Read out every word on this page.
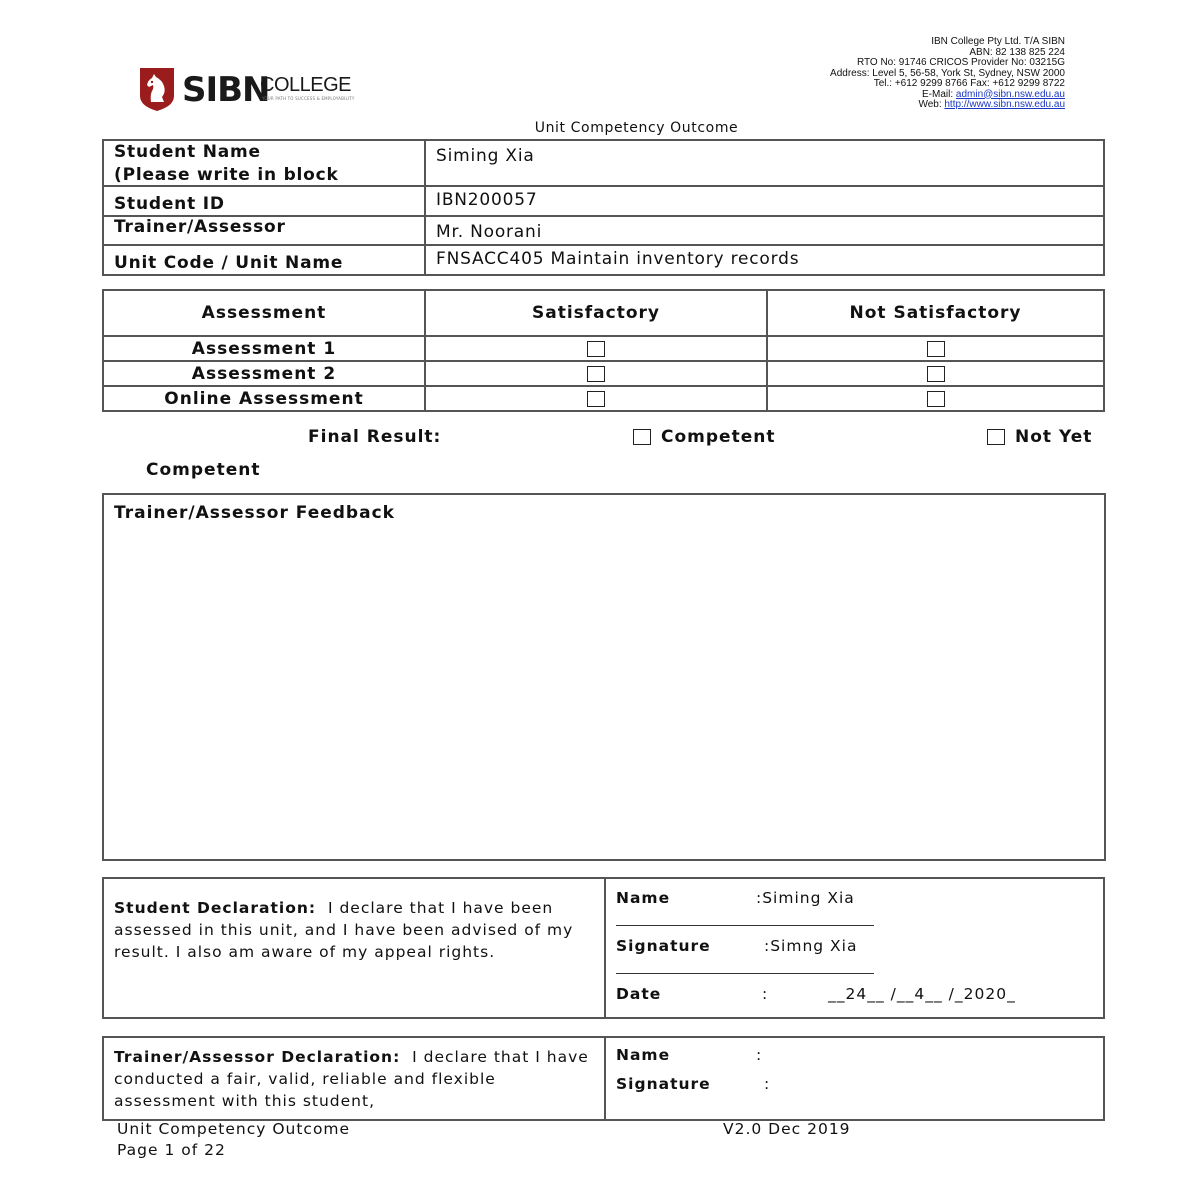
SIBN
COLLEGE
YOUR PATH TO SUCCESS & EMPLOYABILITY
IBN College Pty Ltd. T/A SIBN
ABN: 82 138 825 224
RTO No: 91746 CRICOS Provider No: 03215G
Address: Level 5, 56-58, York St, Sydney, NSW 2000
Tel.: +612 9299 8766 Fax: +612 9299 8722
E-Mail: admin@sibn.nsw.edu.au
Web: http://www.sibn.nsw.edu.au
Unit Competency Outcome
Student Name
(Please write in block	Siming Xia
Student ID	IBN200057
Trainer/Assessor	Mr. Noorani
Unit Code / Unit Name	FNSACC405 Maintain inventory records
Assessment	Satisfactory	Not Satisfactory
Assessment 1		
Assessment 2		
Online Assessment		
Final Result:	Competent	Not Yet
Competent
Trainer/Assessor Feedback
Student Declaration: I declare that I have been assessed in this unit, and I have been advised of my result. I also am aware of my appeal rights.	
Name	:Siming Xia
Signature	:Simng Xia
Date	:	__24__ /__4__ /_2020_
Trainer/Assessor Declaration: I declare that I have conducted a fair, valid, reliable and flexible assessment with this student,	
Name	:
Signature	:
Unit Competency Outcome
Page 1 of 22
V2.0 Dec 2019
